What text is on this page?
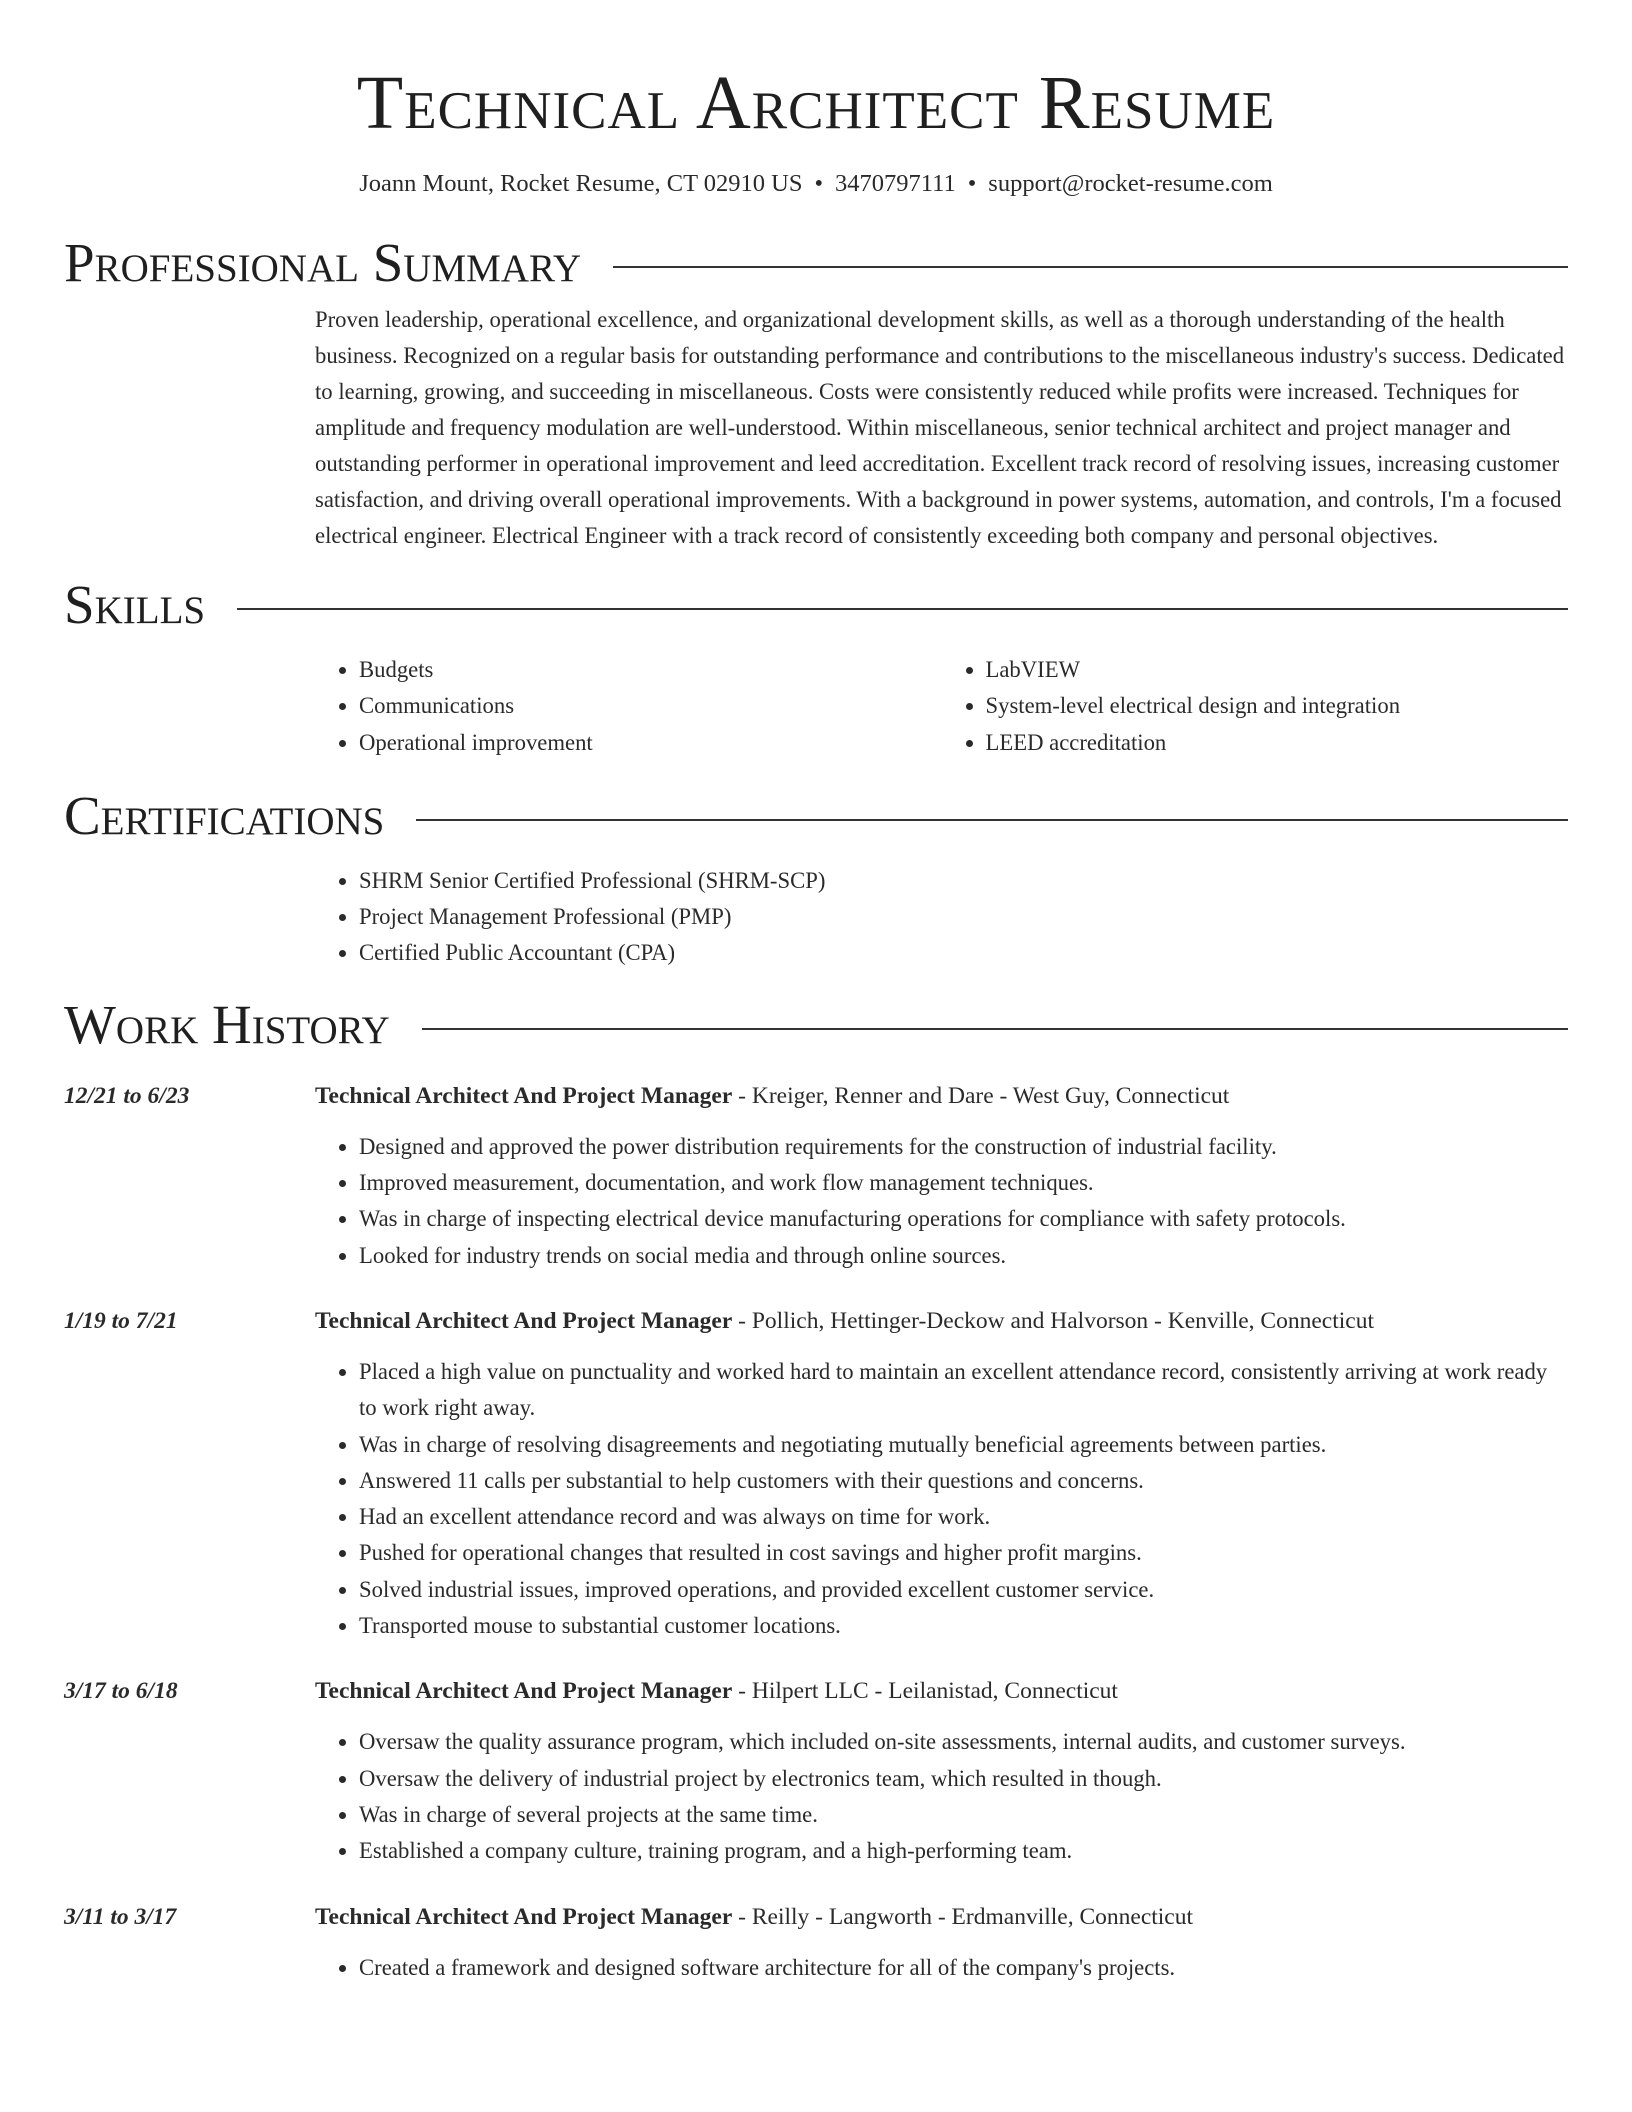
Technical Architect Resume
Joann Mount, Rocket Resume, CT 02910 US • 3470797111 • support@rocket-resume.com
Professional Summary

Proven leadership, operational excellence, and organizational development skills, as well as a thorough understanding of the health business. Recognized on a regular basis for outstanding performance and contributions to the miscellaneous industry's success. Dedicated to learning, growing, and succeeding in miscellaneous. Costs were consistently reduced while profits were increased. Techniques for amplitude and frequency modulation are well-understood. Within miscellaneous, senior technical architect and project manager and outstanding performer in operational improvement and leed accreditation. Excellent track record of resolving issues, increasing customer satisfaction, and driving overall operational improvements. With a background in power systems, automation, and controls, I'm a focused electrical engineer. Electrical Engineer with a track record of consistently exceeding both company and personal objectives.

Skills
• Budgets
• Communications
• Operational improvement
• LabVIEW
• System-level electrical design and integration
• LEED accreditation
Certifications
• SHRM Senior Certified Professional (SHRM-SCP)
• Project Management Professional (PMP)
• Certified Public Accountant (CPA)
Work History
12/21 to 6/23	Technical Architect And Project Manager - Kreiger, Renner and Dare - West Guy, Connecticut
• Designed and approved the power distribution requirements for the construction of industrial facility.
• Improved measurement, documentation, and work flow management techniques.
• Was in charge of inspecting electrical device manufacturing operations for compliance with safety protocols.
• Looked for industry trends on social media and through online sources.
1/19 to 7/21	Technical Architect And Project Manager - Pollich, Hettinger-Deckow and Halvorson - Kenville, Connecticut
• Placed a high value on punctuality and worked hard to maintain an excellent attendance record, consistently arriving at work ready to work right away.
• Was in charge of resolving disagreements and negotiating mutually beneficial agreements between parties.
• Answered 11 calls per substantial to help customers with their questions and concerns.
• Had an excellent attendance record and was always on time for work.
• Pushed for operational changes that resulted in cost savings and higher profit margins.
• Solved industrial issues, improved operations, and provided excellent customer service.
• Transported mouse to substantial customer locations.
3/17 to 6/18	Technical Architect And Project Manager - Hilpert LLC - Leilanistad, Connecticut
• Oversaw the quality assurance program, which included on-site assessments, internal audits, and customer surveys.
• Oversaw the delivery of industrial project by electronics team, which resulted in though.
• Was in charge of several projects at the same time.
• Established a company culture, training program, and a high-performing team.
3/11 to 3/17	Technical Architect And Project Manager - Reilly - Langworth - Erdmanville, Connecticut
• Created a framework and designed software architecture for all of the company's projects.
